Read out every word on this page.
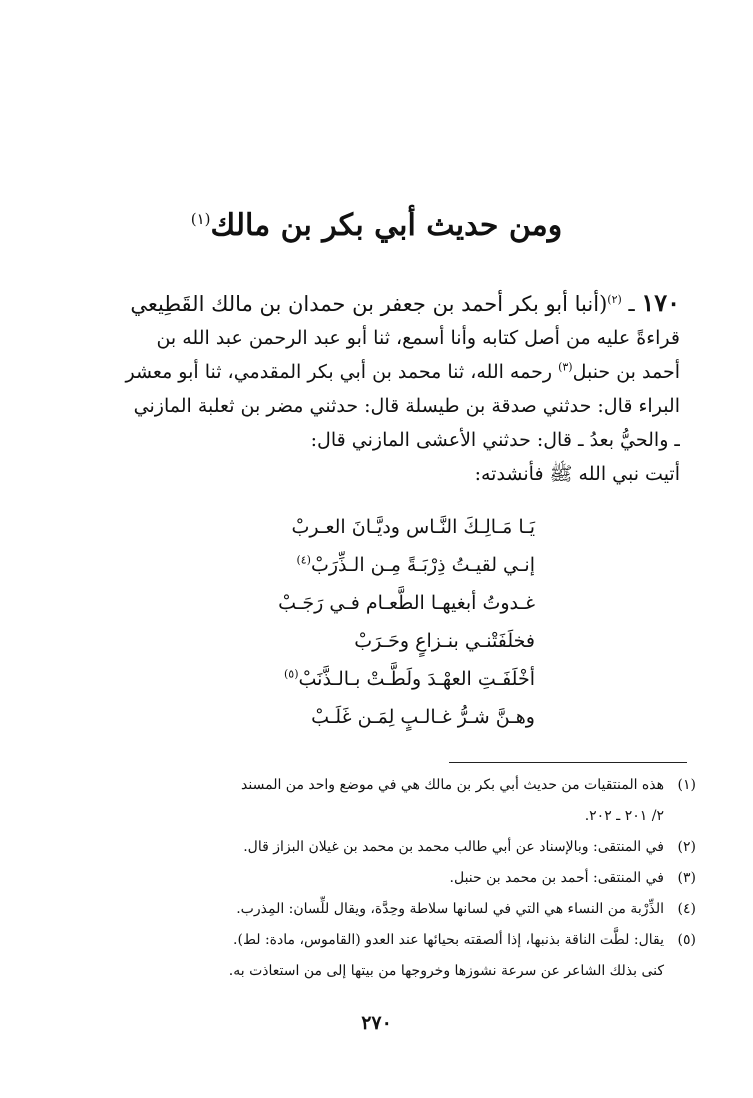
ومن حديث أبي بكر بن مالك$^{(١)}$
١٧٠ ـ $^{(٢)}$(أنبا أبو بكر أحمد بن جعفر بن حمدان بن مالك القَطِيعي
قراءةً عليه من أصل كتابه وأنا أسمع، ثنا أبو عبد الرحمن عبد الله بن
أحمد بن حنبل$^{(٣)}$ رحمه الله، ثنا محمد بن أبي بكر المقدمي، ثنا أبو معشر
البراء قال: حدثني صدقة بن طيسلة قال: حدثني مضر بن ثعلبة المازني
ـ والحيُّ بعدُ ـ قال: حدثني الأعشى المازني قال:
أتيت نبي الله ﷺ فأنشدته:
يَـا مَـالِـكَ النَّـاس وديَّـانَ العـربْ
إنـي لقيـتُ ذِرْبَـةً مِـن الـذِّرَبْ$^{(٤)}$
غـدوتُ أبغيهـا الطَّعـام فـي رَجَـبْ
فخلَفَتْنـي بنـزاعٍ وحَـرَبْ
أخْلَفَـتِ العهْـدَ ولَطَّـتْ بـالـذَّنَبْ$^{(٥)}$
وهـنَّ شـرُّ غـالـبٍ لِمَـن غَلَـبْ
(١)هذه المنتقيات من حديث أبي بكر بن مالك هي في موضع واحد من المسند
٢/ ٢٠١ ـ ٢٠٢.
(٢)في المنتقى: وبالإسناد عن أبي طالب محمد بن محمد بن غيلان البزاز قال.
(٣)في المنتقى: أحمد بن محمد بن حنبل.
(٤)الذِّرْبة من النساء هي التي في لسانها سلاطة وحِدَّة، ويقال للِّسان: المِذرب.
(٥)يقال: لطَّت الناقة بذنبها، إذا ألصقته بحيائها عند العدو (القاموس، مادة: لط).
كنى بذلك الشاعر عن سرعة نشوزها وخروجها من بيتها إلى من استعاذت به.
٢٧٠
